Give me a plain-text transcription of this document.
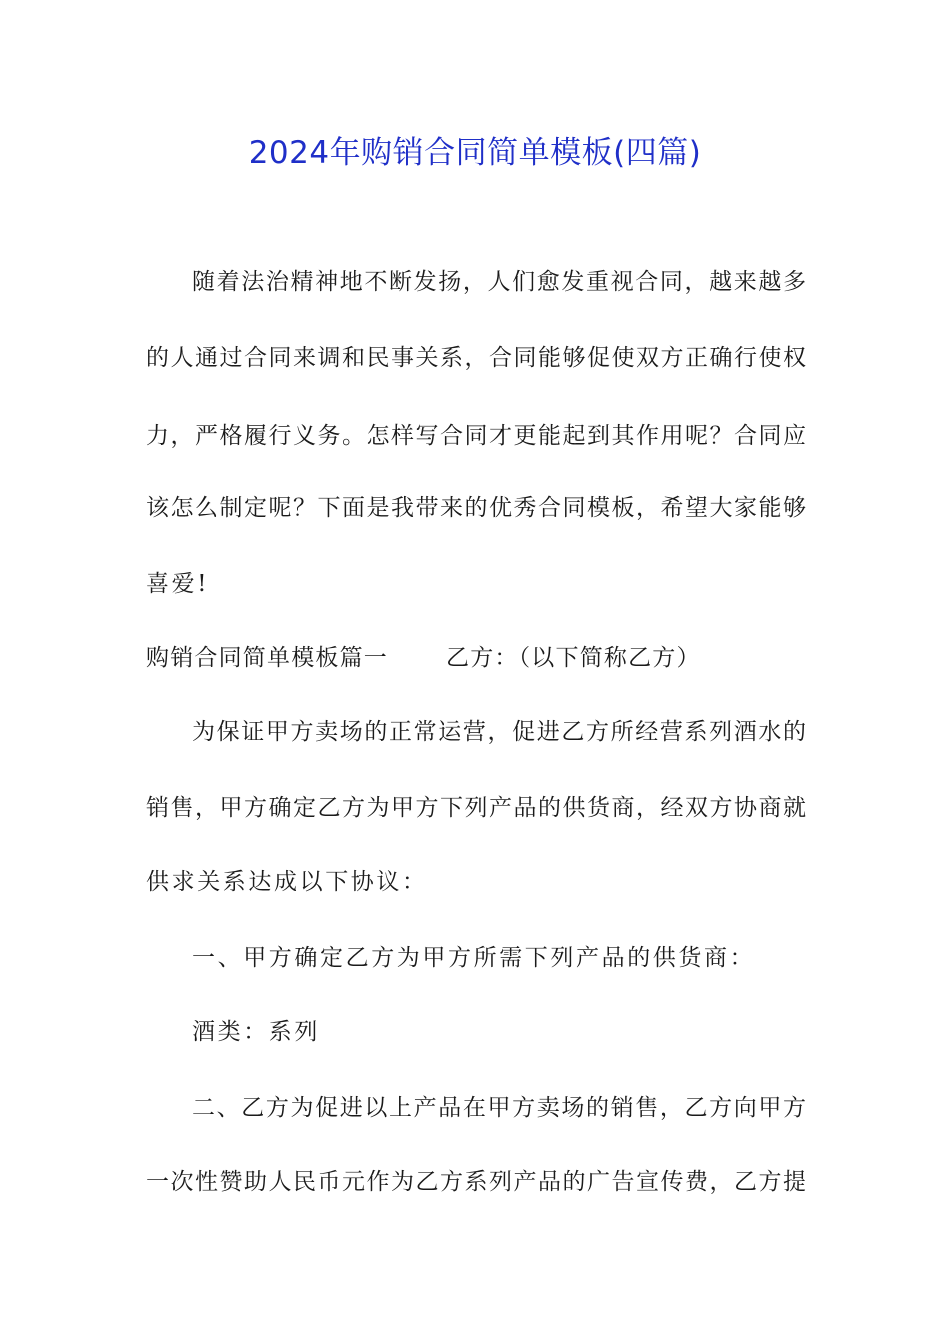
2024年购销合同简单模板(四篇)
随着法治精神地不断发扬，人们愈发重视合同，越来越多
的人通过合同来调和民事关系，合同能够促使双方正确行使权
力，严格履行义务。怎样写合同才更能起到其作用呢？合同应
该怎么制定呢？下面是我带来的优秀合同模板，希望大家能够
喜爱!
购销合同简单模板篇一	乙方：（以下简称乙方）
为保证甲方卖场的正常运营，促进乙方所经营系列酒水的
销售，甲方确定乙方为甲方下列产品的供货商，经双方协商就
供求关系达成以下协议：
一、甲方确定乙方为甲方所需下列产品的供货商：
酒类：系列
二、乙方为促进以上产品在甲方卖场的销售，乙方向甲方
一次性赞助人民币元作为乙方系列产品的广告宣传费，乙方提
